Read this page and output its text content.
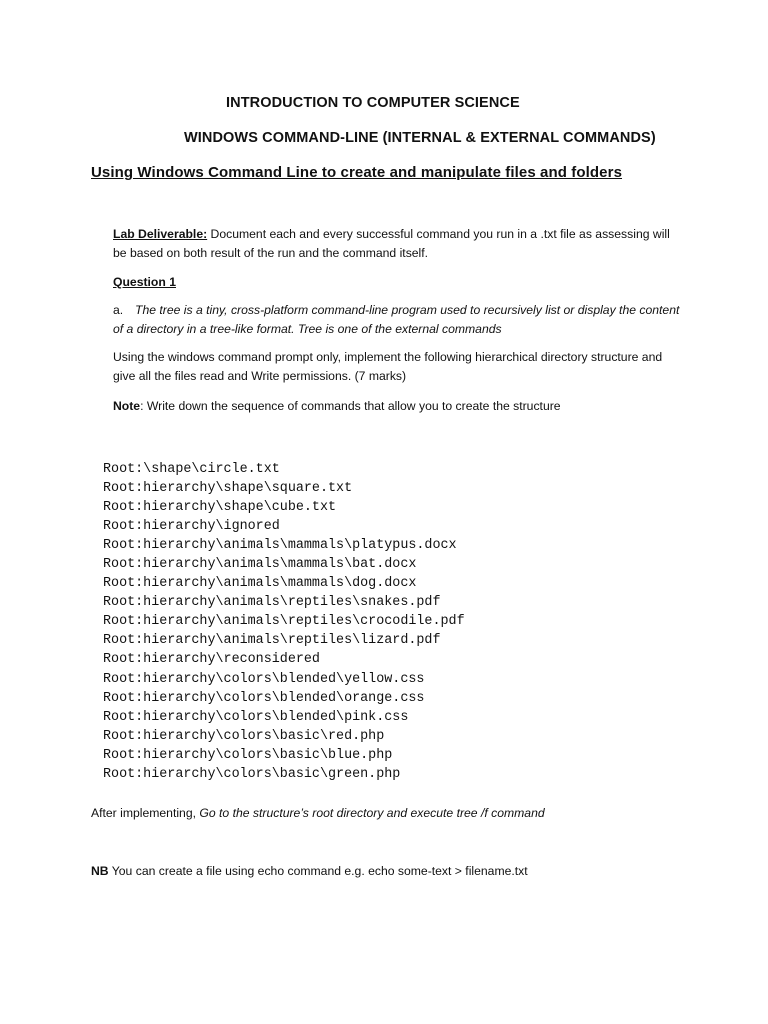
INTRODUCTION TO COMPUTER SCIENCE

WINDOWS COMMAND-LINE (INTERNAL & EXTERNAL COMMANDS)

Using Windows Command Line to create and manipulate files and folders

Lab Deliverable: Document each and every successful command you run in a .txt file as assessing will be based on both result of the run and the command itself.

Question 1

a. The tree is a tiny, cross-platform command-line program used to recursively list or display the content of a directory in a tree-like format. Tree is one of the external commands

Using the windows command prompt only, implement the following hierarchical directory structure and give all the files read and Write permissions. (7 marks)

Note: Write down the sequence of commands that allow you to create the structure

Root:\shape\circle.txt
Root:hierarchy\shape\square.txt
Root:hierarchy\shape\cube.txt
Root:hierarchy\ignored
Root:hierarchy\animals\mammals\platypus.docx
Root:hierarchy\animals\mammals\bat.docx
Root:hierarchy\animals\mammals\dog.docx
Root:hierarchy\animals\reptiles\snakes.pdf
Root:hierarchy\animals\reptiles\crocodile.pdf
Root:hierarchy\animals\reptiles\lizard.pdf
Root:hierarchy\reconsidered
Root:hierarchy\colors\blended\yellow.css
Root:hierarchy\colors\blended\orange.css
Root:hierarchy\colors\blended\pink.css
Root:hierarchy\colors\basic\red.php
Root:hierarchy\colors\basic\blue.php
Root:hierarchy\colors\basic\green.php

After implementing, Go to the structure’s root directory and execute tree /f command

NB You can create a file using echo command e.g. echo some-text > filename.txt
